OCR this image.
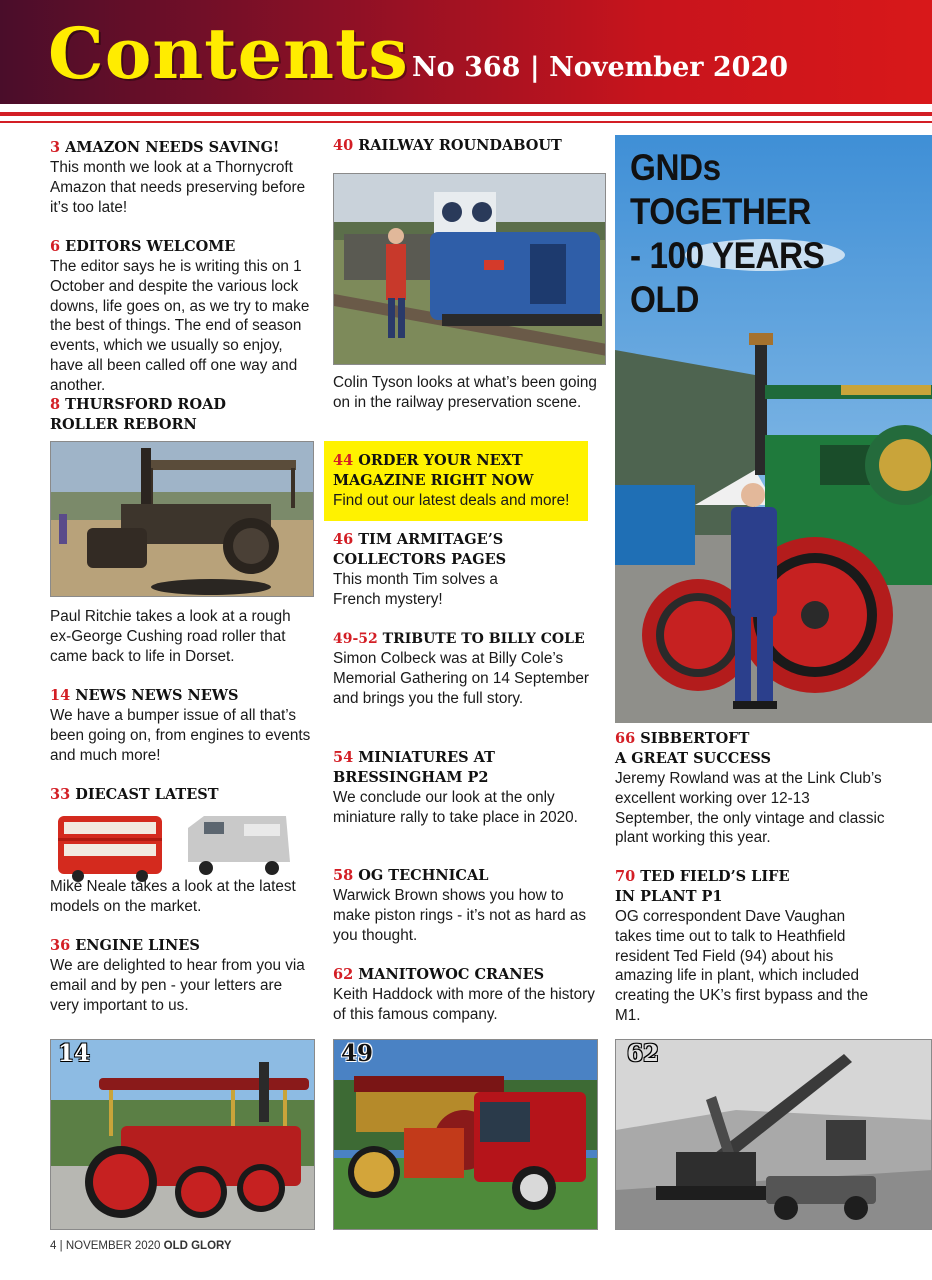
Contents No 368 | November 2020
3 AMAZON NEEDS SAVING!

This month we look at a Thornycroft Amazon that needs preserving before it’s too late!

6 EDITORS WELCOME

The editor says he is writing this on 1 October and despite the various lock downs, life goes on, as we try to make the best of things. The end of season events, which we usually so enjoy, have all been called off one way and another.

8 THURSFORD ROAD
ROLLER REBORN

Paul Ritchie takes a look at a rough ex-George Cushing road roller that came back to life in Dorset.

14 NEWS NEWS NEWS

We have a bumper issue of all that’s been going on, from engines to events and much more!

33 DIECAST LATEST

Mike Neale takes a look at the latest models on the market.

36 ENGINE LINES

We are delighted to hear from you via email and by pen - your letters are very important to us.

40 RAILWAY ROUNDABOUT

Colin Tyson looks at what’s been going on in the railway preservation scene.

44 ORDER YOUR NEXT
MAGAZINE RIGHT NOW

Find out our latest deals and more!

46 TIM ARMITAGE’S
COLLECTORS PAGES

This month Tim solves a French mystery!

49-52 TRIBUTE TO BILLY COLE

Simon Colbeck was at Billy Cole’s Memorial Gathering on 14 September and brings you the full story.

54 MINIATURES AT
BRESSINGHAM P2

We conclude our look at the only miniature rally to take place in 2020.

58 OG TECHNICAL

Warwick Brown shows you how to make piston rings - it’s not as hard as you thought.

62 MANITOWOC CRANES

Keith Haddock with more of the history of this famous company.

GNDs TOGETHER
- 100 YEARS OLD
66 SIBBERTOFT
A GREAT SUCCESS

Jeremy Rowland was at the Link Club’s excellent working over 12-13 September, the only vintage and classic plant working this year.

70 TED FIELD’S LIFE
IN PLANT P1

OG correspondent Dave Vaughan takes time out to talk to Heathfield resident Ted Field (94) about his amazing life in plant, which included creating the UK’s first bypass and the M1.

14	49	62
4 | NOVEMBER 2020 OLD GLORY
